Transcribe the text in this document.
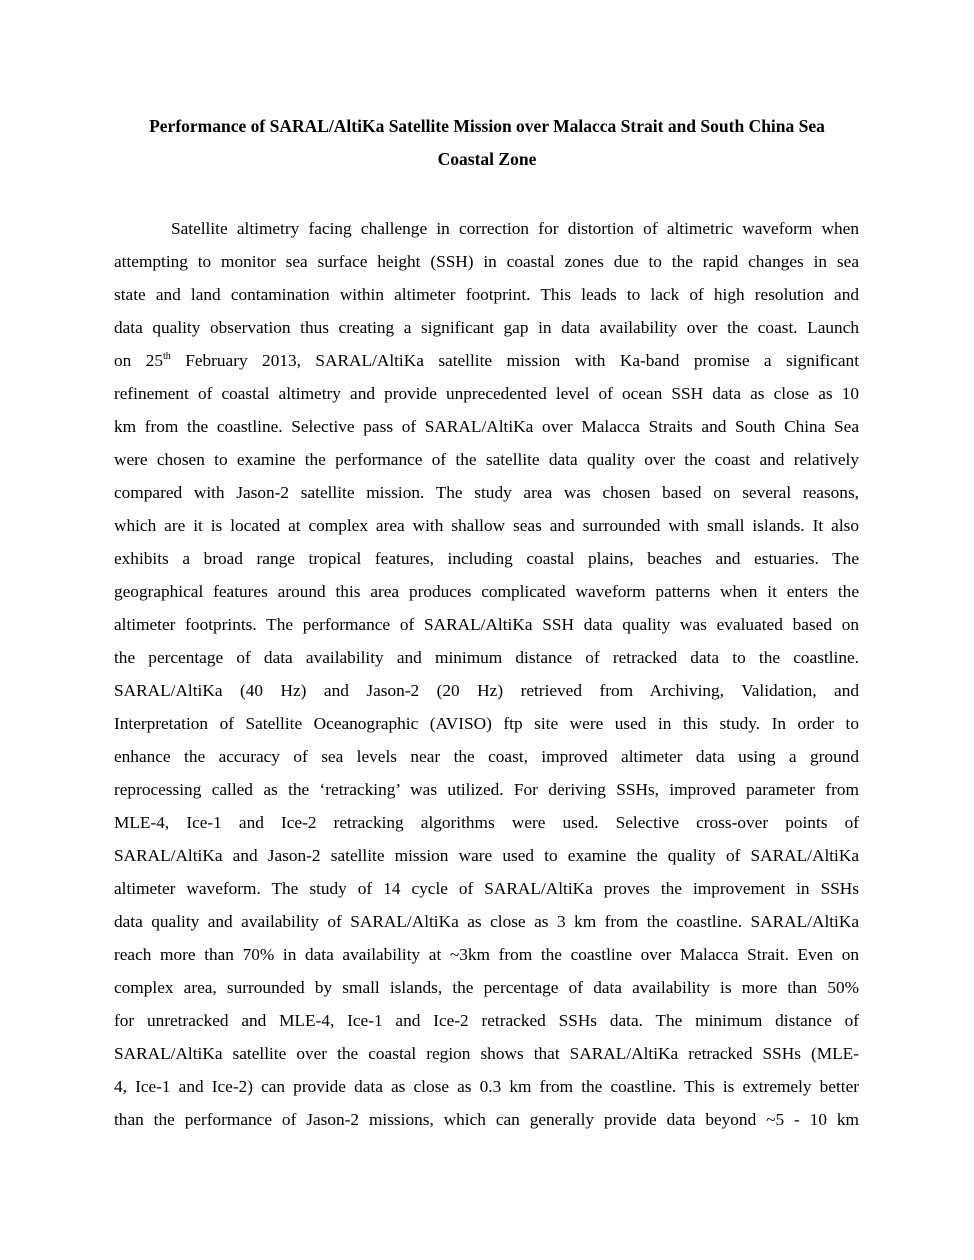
Performance of SARAL/AltiKa Satellite Mission over Malacca Strait and South China Sea
Coastal Zone
Satellite altimetry facing challenge in correction for distortion of altimetric waveform when
attempting to monitor sea surface height (SSH) in coastal zones due to the rapid changes in sea
state and land contamination within altimeter footprint. This leads to lack of high resolution and
data quality observation thus creating a significant gap in data availability over the coast. Launch
on 25th February 2013, SARAL/AltiKa satellite mission with Ka-band promise a significant
refinement of coastal altimetry and provide unprecedented level of ocean SSH data as close as 10
km from the coastline. Selective pass of SARAL/AltiKa over Malacca Straits and South China Sea
were chosen to examine the performance of the satellite data quality over the coast and relatively
compared with Jason-2 satellite mission. The study area was chosen based on several reasons,
which are it is located at complex area with shallow seas and surrounded with small islands. It also
exhibits a broad range tropical features, including coastal plains, beaches and estuaries. The
geographical features around this area produces complicated waveform patterns when it enters the
altimeter footprints. The performance of SARAL/AltiKa SSH data quality was evaluated based on
the percentage of data availability and minimum distance of retracked data to the coastline.
SARAL/AltiKa (40 Hz) and Jason-2 (20 Hz) retrieved from Archiving, Validation, and
Interpretation of Satellite Oceanographic (AVISO) ftp site were used in this study. In order to
enhance the accuracy of sea levels near the coast, improved altimeter data using a ground
reprocessing called as the ‘retracking’ was utilized. For deriving SSHs, improved parameter from
MLE-4, Ice-1 and Ice-2 retracking algorithms were used. Selective cross-over points of
SARAL/AltiKa and Jason-2 satellite mission ware used to examine the quality of SARAL/AltiKa
altimeter waveform. The study of 14 cycle of SARAL/AltiKa proves the improvement in SSHs
data quality and availability of SARAL/AltiKa as close as 3 km from the coastline. SARAL/AltiKa
reach more than 70% in data availability at ~3km from the coastline over Malacca Strait. Even on
complex area, surrounded by small islands, the percentage of data availability is more than 50%
for unretracked and MLE-4, Ice-1 and Ice-2 retracked SSHs data. The minimum distance of
SARAL/AltiKa satellite over the coastal region shows that SARAL/AltiKa retracked SSHs (MLE-
4, Ice-1 and Ice-2) can provide data as close as 0.3 km from the coastline. This is extremely better
than the performance of Jason-2 missions, which can generally provide data beyond ~5 - 10 km
